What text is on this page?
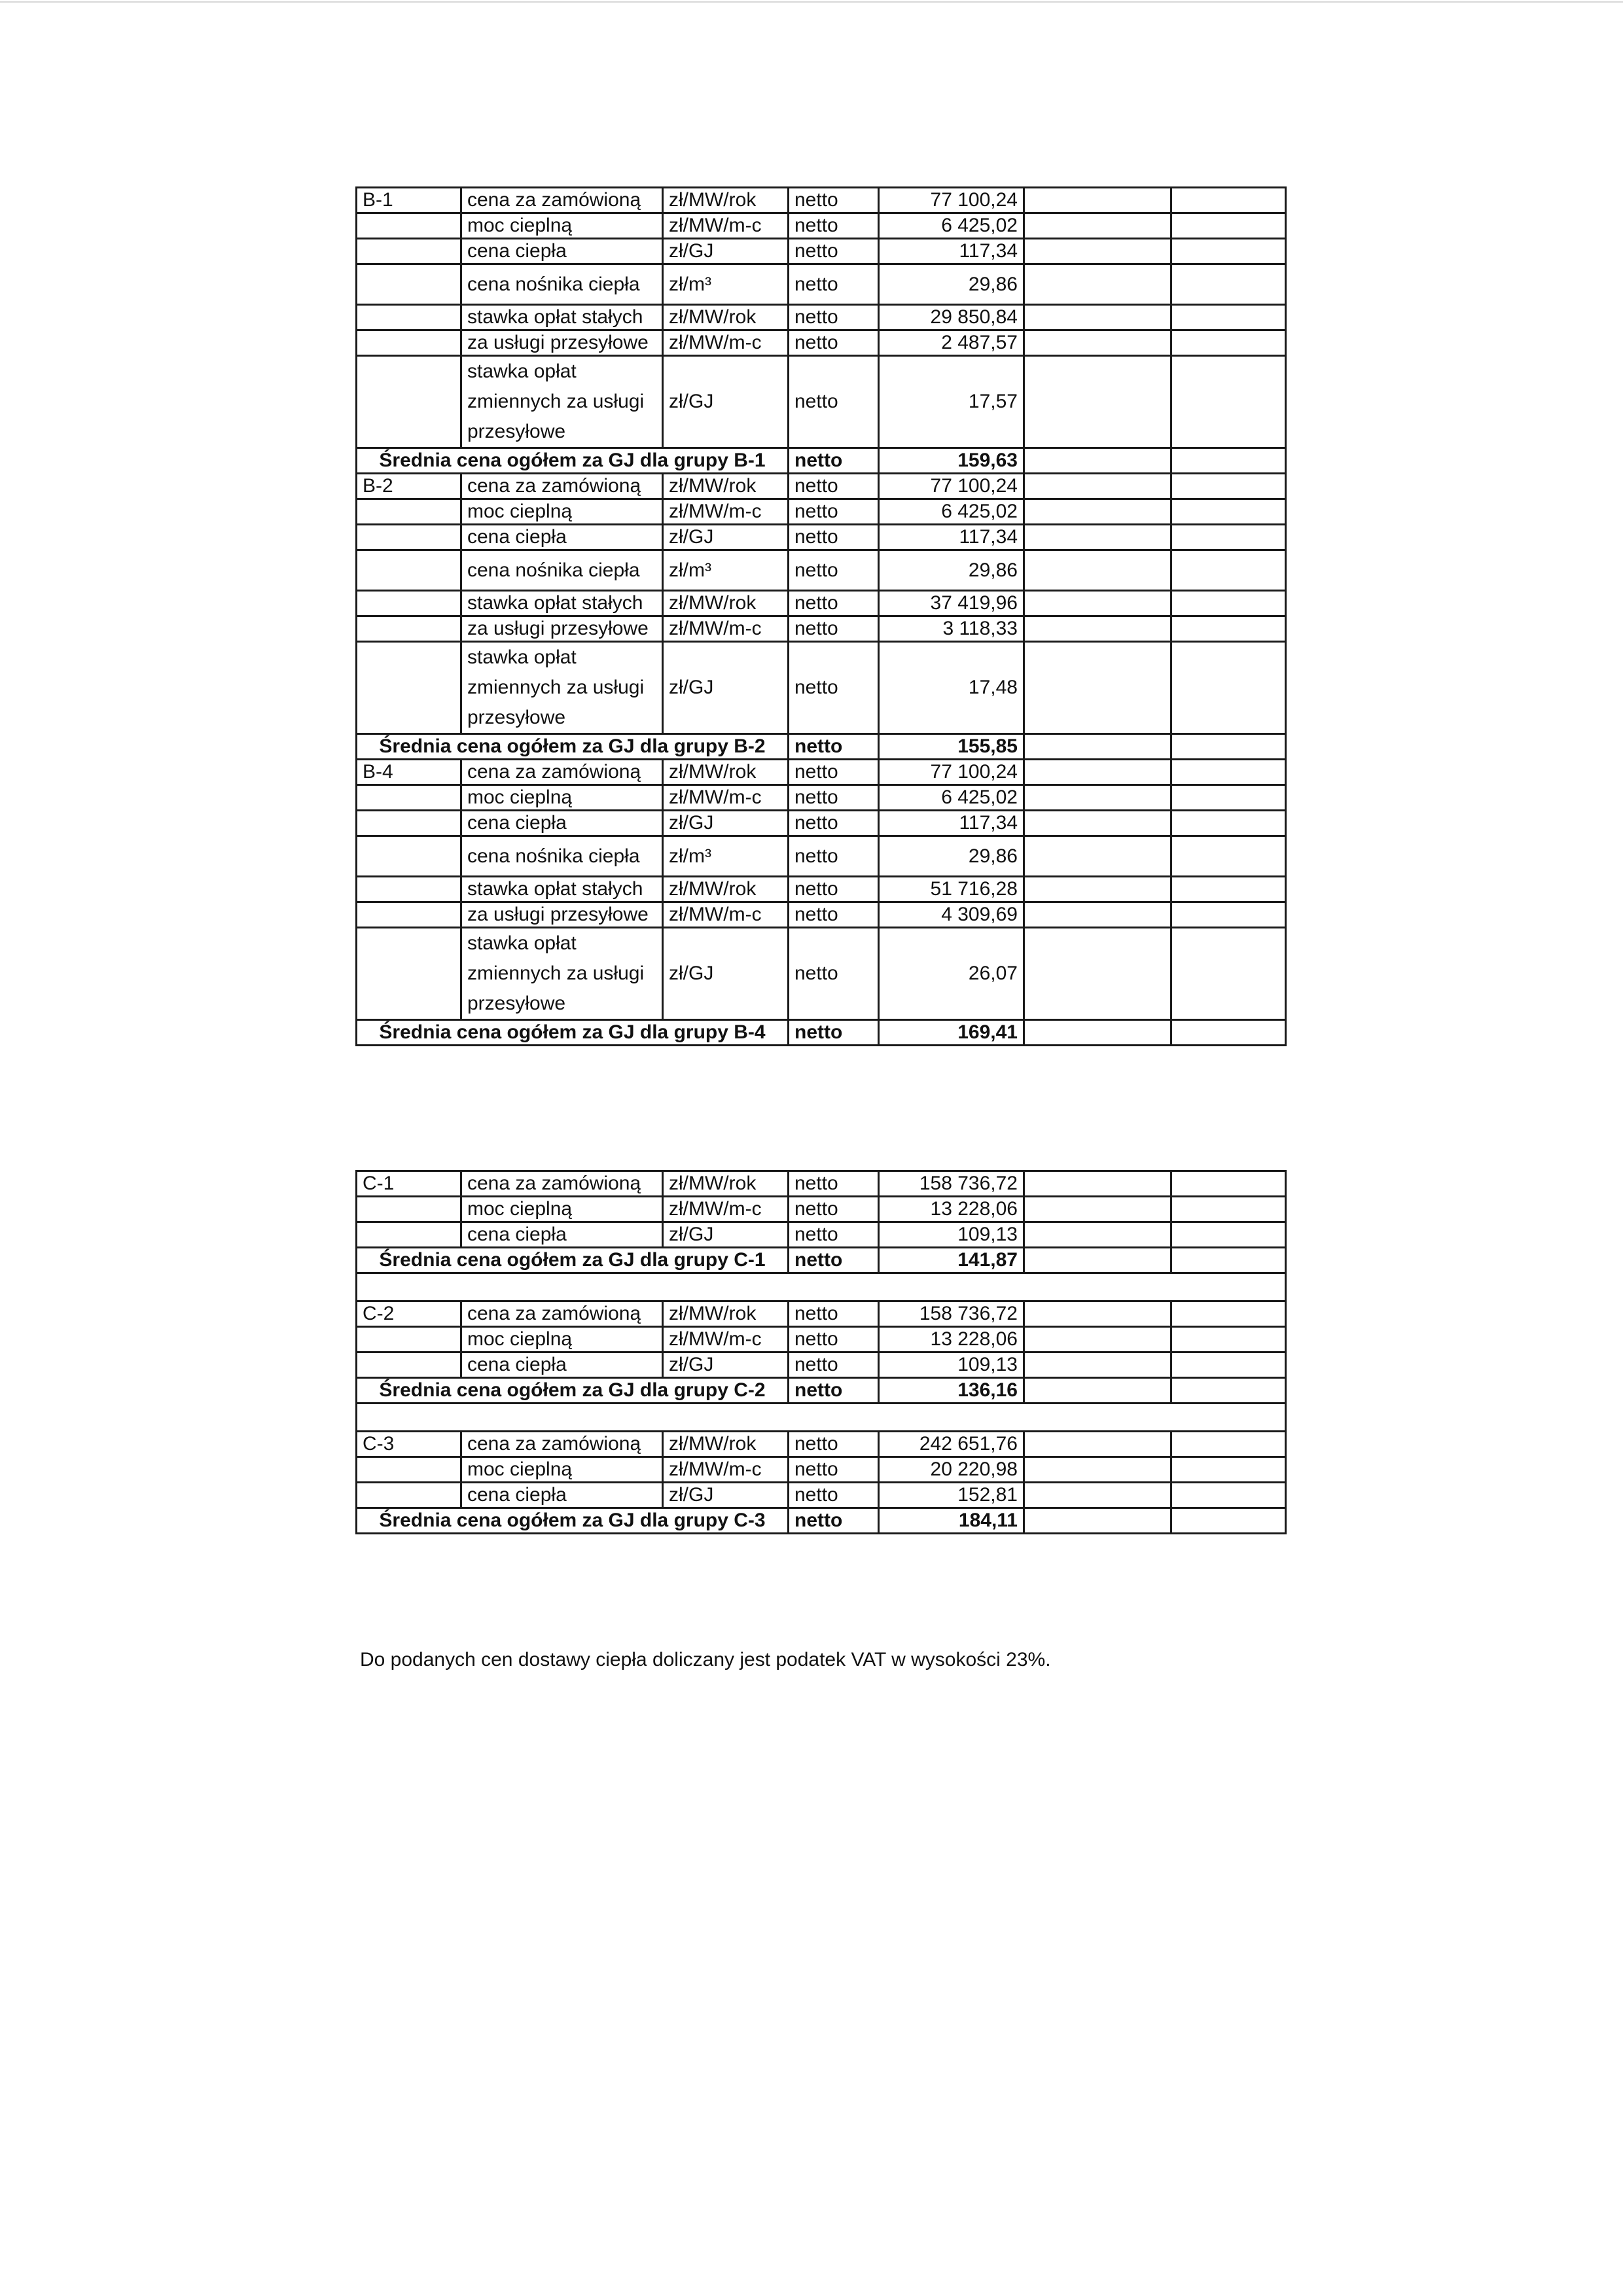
B-1	cena za zamówioną	zł/MW/rok	netto	77 100,24		
	moc cieplną	zł/MW/m-c	netto	6 425,02		
	cena ciepła	zł/GJ	netto	117,34		
	cena nośnika ciepła	zł/m³	netto	29,86		
	stawka opłat stałych	zł/MW/rok	netto	29 850,84		
	za usługi przesyłowe	zł/MW/m-c	netto	2 487,57		
	stawka opłat zmiennych za usługi przesyłowe	zł/GJ	netto	17,57		
Średnia cena ogółem za GJ dla grupy B-1			netto	159,63		
B-2	cena za zamówioną	zł/MW/rok	netto	77 100,24		
	moc cieplną	zł/MW/m-c	netto	6 425,02		
	cena ciepła	zł/GJ	netto	117,34		
	cena nośnika ciepła	zł/m³	netto	29,86		
	stawka opłat stałych	zł/MW/rok	netto	37 419,96		
	za usługi przesyłowe	zł/MW/m-c	netto	3 118,33		
	stawka opłat zmiennych za usługi przesyłowe	zł/GJ	netto	17,48		
Średnia cena ogółem za GJ dla grupy B-2			netto	155,85		
B-4	cena za zamówioną	zł/MW/rok	netto	77 100,24		
	moc cieplną	zł/MW/m-c	netto	6 425,02		
	cena ciepła	zł/GJ	netto	117,34		
	cena nośnika ciepła	zł/m³	netto	29,86		
	stawka opłat stałych	zł/MW/rok	netto	51 716,28		
	za usługi przesyłowe	zł/MW/m-c	netto	4 309,69		
	stawka opłat zmiennych za usługi przesyłowe	zł/GJ	netto	26,07		
Średnia cena ogółem za GJ dla grupy B-4			netto	169,41		
C-1	cena za zamówioną	zł/MW/rok	netto	158 736,72		
	moc cieplną	zł/MW/m-c	netto	13 228,06		
	cena ciepła	zł/GJ	netto	109,13		
Średnia cena ogółem za GJ dla grupy C-1			netto	141,87		

C-2	cena za zamówioną	zł/MW/rok	netto	158 736,72		
	moc cieplną	zł/MW/m-c	netto	13 228,06		
	cena ciepła	zł/GJ	netto	109,13		
Średnia cena ogółem za GJ dla grupy C-2			netto	136,16		

C-3	cena za zamówioną	zł/MW/rok	netto	242 651,76		
	moc cieplną	zł/MW/m-c	netto	20 220,98		
	cena ciepła	zł/GJ	netto	152,81		
Średnia cena ogółem za GJ dla grupy C-3			netto	184,11		

Do podanych cen dostawy ciepła doliczany jest podatek VAT w wysokości 23%.
